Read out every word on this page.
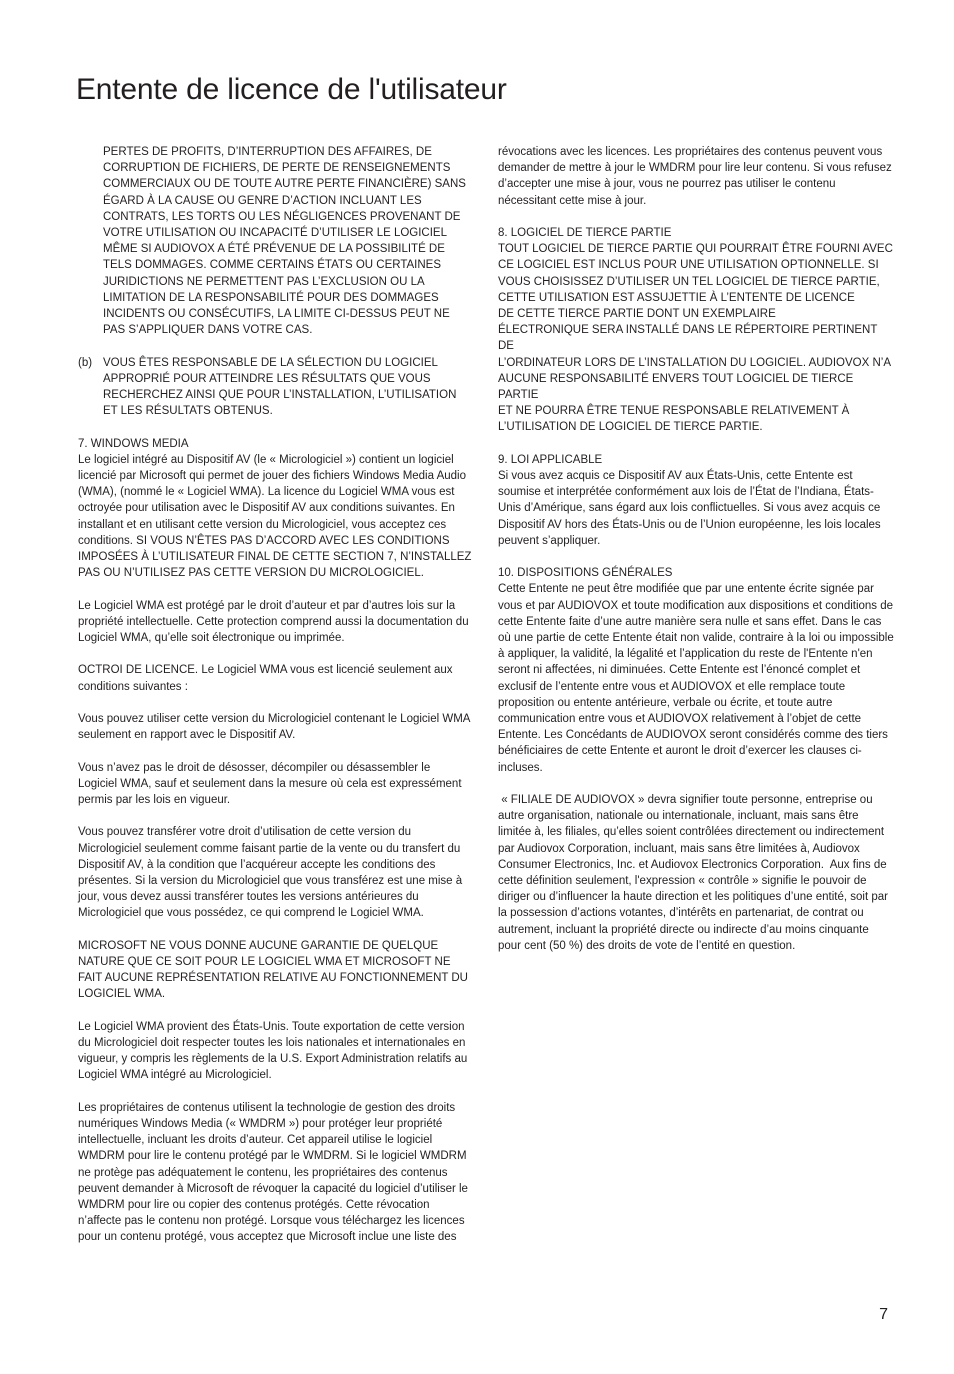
Entente de licence de l'utilisateur

PERTES DE PROFITS, D’INTERRUPTION DES AFFAIRES, DE CORRUPTION DE FICHIERS, DE PERTE DE RENSEIGNEMENTS COMMERCIAUX OU DE TOUTE AUTRE PERTE FINANCIÈRE) SANS ÉGARD À LA CAUSE OU GENRE D’ACTION INCLUANT LES CONTRATS, LES TORTS OU LES NÉGLIGENCES PROVENANT DE VOTRE UTILISATION OU INCAPACITÉ D’UTILISER LE LOGICIEL MÊME SI AUDIOVOX A ÉTÉ PRÉVENUE DE LA POSSIBILITÉ DE TELS DOMMAGES. COMME CERTAINS ÉTATS OU CERTAINES JURIDICTIONS NE PERMETTENT PAS L’EXCLUSION OU LA LIMITATION DE LA RESPONSABILITÉ POUR DES DOMMAGES INCIDENTS OU CONSÉCUTIFS, LA LIMITE CI-DESSUS PEUT NE PAS S’APPLIQUER DANS VOTRE CAS.

(b) VOUS ÊTES RESPONSABLE DE LA SÉLECTION DU LOGICIEL APPROPRIÉ POUR ATTEINDRE LES RÉSULTATS QUE VOUS RECHERCHEZ AINSI QUE POUR L’INSTALLATION, L’UTILISATION ET LES RÉSULTATS OBTENUS.

7. WINDOWS MEDIA
Le logiciel intégré au Dispositif AV (le « Micrologiciel ») contient un logiciel licencié par Microsoft qui permet de jouer des fichiers Windows Media Audio (WMA), (nommé le « Logiciel WMA). La licence du Logiciel WMA vous est octroyée pour utilisation avec le Dispositif AV aux conditions suivantes. En installant et en utilisant cette version du Micrologiciel, vous acceptez ces conditions. SI VOUS N’ÊTES PAS D’ACCORD AVEC LES CONDITIONS IMPOSÉES À L’UTILISATEUR FINAL DE CETTE SECTION 7, N’INSTALLEZ PAS OU N’UTILISEZ PAS CETTE VERSION DU MICROLOGICIEL.

Le Logiciel WMA est protégé par le droit d’auteur et par d’autres lois sur la propriété intellectuelle. Cette protection comprend aussi la documentation du Logiciel WMA, qu’elle soit électronique ou imprimée.

OCTROI DE LICENCE. Le Logiciel WMA vous est licencié seulement aux conditions suivantes :

Vous pouvez utiliser cette version du Micrologiciel contenant le Logiciel WMA seulement en rapport avec le Dispositif AV.

Vous n’avez pas le droit de désosser, décompiler ou désassembler le Logiciel WMA, sauf et seulement dans la mesure où cela est expressément permis par les lois en vigueur.

Vous pouvez transférer votre droit d’utilisation de cette version du Micrologiciel seulement comme faisant partie de la vente ou du transfert du Dispositif AV, à la condition que l’acquéreur accepte les conditions des présentes. Si la version du Micrologiciel que vous transférez est une mise à jour, vous devez aussi transférer toutes les versions antérieures du Micrologiciel que vous possédez, ce qui comprend le Logiciel WMA.

MICROSOFT NE VOUS DONNE AUCUNE GARANTIE DE QUELQUE NATURE QUE CE SOIT POUR LE LOGICIEL WMA ET MICROSOFT NE FAIT AUCUNE REPRÉSENTATION RELATIVE AU FONCTIONNEMENT DU LOGICIEL WMA.

Le Logiciel WMA provient des États-Unis. Toute exportation de cette version du Micrologiciel doit respecter toutes les lois nationales et internationales en vigueur, y compris les règlements de la U.S. Export Administration relatifs au Logiciel WMA intégré au Micrologiciel.

Les propriétaires de contenus utilisent la technologie de gestion des droits numériques Windows Media (« WMDRM ») pour protéger leur propriété intellectuelle, incluant les droits d’auteur. Cet appareil utilise le logiciel WMDRM pour lire le contenu protégé par le WMDRM. Si le logiciel WMDRM ne protège pas adéquatement le contenu, les propriétaires des contenus peuvent demander à Microsoft de révoquer la capacité du logiciel d’utiliser le WMDRM pour lire ou copier des contenus protégés. Cette révocation n’affecte pas le contenu non protégé. Lorsque vous téléchargez les licences pour un contenu protégé, vous acceptez que Microsoft inclue une liste des

révocations avec les licences. Les propriétaires des contenus peuvent vous demander de mettre à jour le WMDRM pour lire leur contenu. Si vous refusez d’accepter une mise à jour, vous ne pourrez pas utiliser le contenu nécessitant cette mise à jour.

8. LOGICIEL DE TIERCE PARTIE
TOUT LOGICIEL DE TIERCE PARTIE QUI POURRAIT ÊTRE FOURNI AVEC
CE LOGICIEL EST INCLUS POUR UNE UTILISATION OPTIONNELLE. SI
VOUS CHOISISSEZ D’UTILISER UN TEL LOGICIEL DE TIERCE PARTIE,
CETTE UTILISATION EST ASSUJETTIE À L’ENTENTE DE LICENCE
DE CETTE TIERCE PARTIE DONT UN EXEMPLAIRE
ÉLECTRONIQUE SERA INSTALLÉ DANS LE RÉPERTOIRE PERTINENT DE
L’ORDINATEUR LORS DE L’INSTALLATION DU LOGICIEL. AUDIOVOX N’A
AUCUNE RESPONSABILITÉ ENVERS TOUT LOGICIEL DE TIERCE PARTIE
ET NE POURRA ÊTRE TENUE RESPONSABLE RELATIVEMENT À
L’UTILISATION DE LOGICIEL DE TIERCE PARTIE.

9. LOI APPLICABLE
Si vous avez acquis ce Dispositif AV aux États-Unis, cette Entente est soumise et interprétée conformément aux lois de l’État de l’Indiana, États-Unis d’Amérique, sans égard aux lois conflictuelles. Si vous avez acquis ce Dispositif AV hors des États-Unis ou de l’Union européenne, les lois locales peuvent s’appliquer.

10. DISPOSITIONS GÉNÉRALES
Cette Entente ne peut être modifiée que par une entente écrite signée par vous et par AUDIOVOX et toute modification aux dispositions et conditions de cette Entente faite d’une autre manière sera nulle et sans effet. Dans le cas où une partie de cette Entente était non valide, contraire à la loi ou impossible à appliquer, la validité, la légalité et l’application du reste de l'Entente n'en seront ni affectées, ni diminuées. Cette Entente est l’énoncé complet et exclusif de l’entente entre vous et AUDIOVOX et elle remplace toute proposition ou entente antérieure, verbale ou écrite, et toute autre communication entre vous et AUDIOVOX relativement à l’objet de cette Entente. Les Concédants de AUDIOVOX seront considérés comme des tiers bénéficiaires de cette Entente et auront le droit d’exercer les clauses ci-incluses.

« FILIALE DE AUDIOVOX » devra signifier toute personne, entreprise ou autre organisation, nationale ou internationale, incluant, mais sans être limitée à, les filiales, qu’elles soient contrôlées directement ou indirectement par Audiovox Corporation, incluant, mais sans être limitées à, Audiovox Consumer Electronics, Inc. et Audiovox Electronics Corporation.  Aux fins de cette définition seulement, l'expression « contrôle » signifie le pouvoir de diriger ou d’influencer la haute direction et les politiques d’une entité, soit par la possession d’actions votantes, d’intérêts en partenariat, de contrat ou autrement, incluant la propriété directe ou indirecte d’au moins cinquante pour cent (50 %) des droits de vote de l’entité en question.

7
